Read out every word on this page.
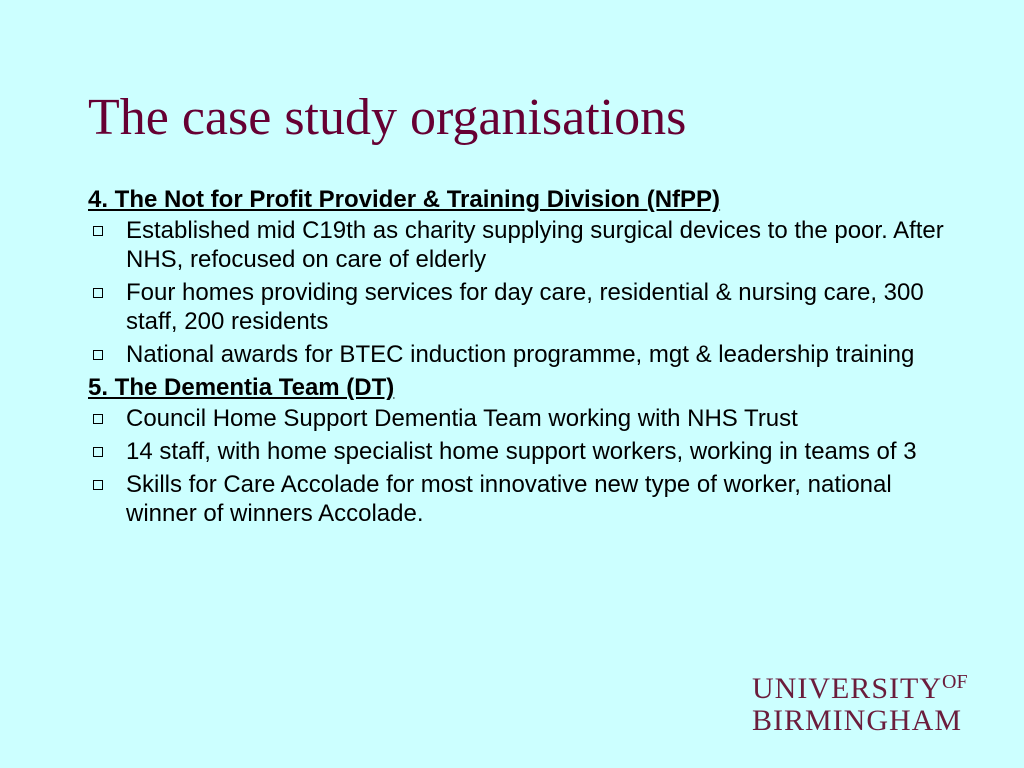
The case study organisations
4. The Not for Profit Provider & Training Division (NfPP)
Established mid C19th as charity supplying surgical devices to the poor. After NHS, refocused on care of elderly
Four homes providing services for day care, residential & nursing care, 300 staff, 200 residents
National awards for BTEC induction programme, mgt & leadership training
5. The Dementia Team (DT)
Council Home Support Dementia Team working with NHS Trust
14 staff, with home specialist home support workers, working in teams of 3
Skills for Care Accolade for most innovative new type of worker, national winner of winners Accolade.
$UNIVERSITY^{OF}$
BIRMINGHAM
